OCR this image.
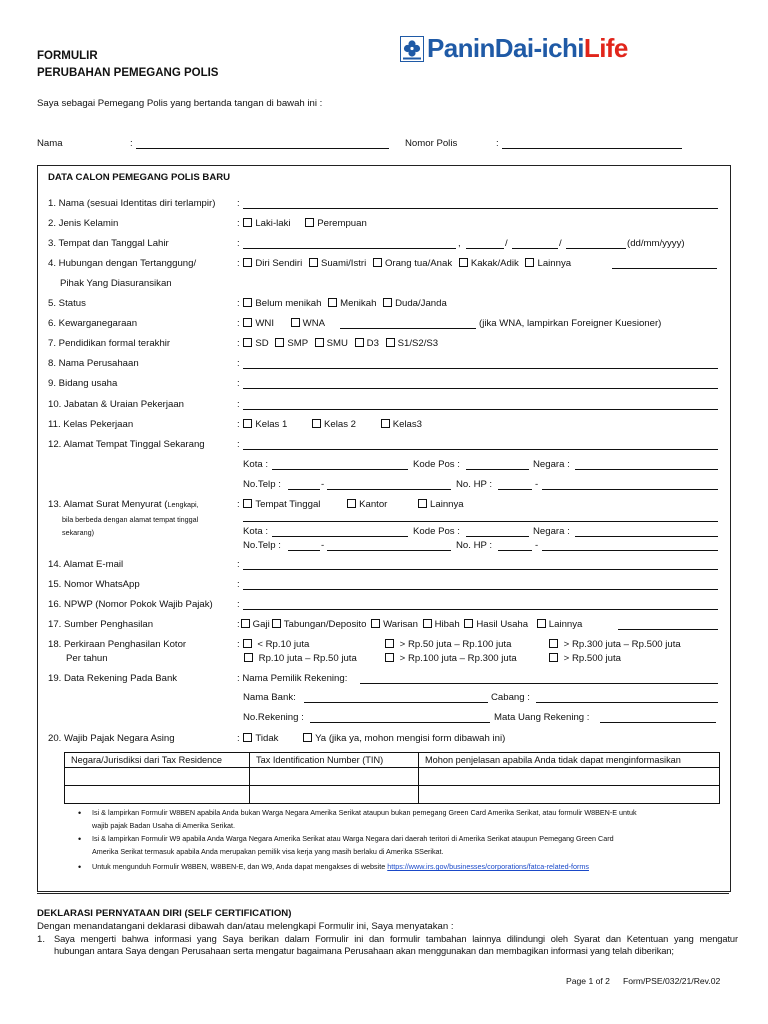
FORMULIR
PERUBAHAN PEMEGANG POLIS
PaninDai-ichiLife
Saya sebagai Pemegang Polis yang bertanda tangan di bawah ini :
Nama	:	Nomor Polis	:
DATA CALON PEMEGANG POLIS BARU
1. Nama (sesuai Identitas diri terlampir) :
2. Jenis Kelamin	: Laki-laki	Perempuan
3. Tempat dan Tanggal Lahir	:	,	/	/	(dd/mm/yyyy)
4. Hubungan dengan Tertanggung/
Pihak Yang Diasuransikan
: Diri Sendiri Suami/Istri Orang tua/Anak Kakak/Adik Lainnya
5. Status	: Belum menikah Menikah Duda/Janda
6. Kewarganegaraan	: WNI	WNA	(jika WNA, lampirkan Foreigner Kuesioner)
7. Pendidikan formal terakhir	: SD SMP SMU D3 S1/S2/S3
8. Nama Perusahaan	:
9. Bidang usaha	:
10. Jabatan & Uraian Pekerjaan	:
11. Kelas Pekerjaan	: Kelas 1	Kelas 2	Kelas3
12. Alamat Tempat Tinggal Sekarang	:
Kota :	Kode Pos :	Negara :
No.Telp :	-	No. HP :	-
13. Alamat Surat Menyurat (Lengkapi,
bila berbeda dengan alamat tempat tinggal
sekarang)
: Tempat Tinggal	Kantor	Lainnya
Kota :	Kode Pos :	Negara :
No.Telp :	-	No. HP :	-
14. Alamat E-mail	:
15. Nomor WhatsApp	:
16. NPWP (Nomor Pokok Wajib Pajak)	:
17. Sumber Penghasilan	: Gaji Tabungan/Deposito Warisan Hibah Hasil Usaha Lainnya
18. Perkiraan Penghasilan Kotor
Per tahun
: < Rp.10 juta	> Rp.50 juta – Rp.100 juta	> Rp.300 juta – Rp.500 juta
Rp.10 juta – Rp.50 juta	> Rp.100 juta – Rp.300 juta	> Rp.500 juta
19. Data Rekening Pada Bank	: Nama Pemilik Rekening:
Nama Bank:	Cabang :
No.Rekening :	Mata Uang Rekening :
20. Wajib Pajak Negara Asing	: Tidak	Ya (jika ya, mohon mengisi form dibawah ini)
Negara/Jurisdiksi dari Tax Residence	Tax Identification Number (TIN)	Mohon penjelasan apabila Anda tidak dapat menginformasikan

• Isi & lampirkan Formulir W8BEN apabila Anda bukan Warga Negara Amerika Serikat ataupun bukan pemegang Green Card Amerika Serikat, atau formulir W8BEN-E untuk
wajib pajak Badan Usaha di Amerika Serikat.
• Isi & lampirkan Formulir W9 apabila Anda Warga Negara Amerika Serikat atau Warga Negara dari daerah teritori di Amerika Serikat ataupun Pemegang Green Card
Amerika Serikat termasuk apabila Anda merupakan pemilik visa kerja yang masih berlaku di Amerika SSerikat.
• Untuk mengunduh Formulir W8BEN, W8BEN-E, dan W9, Anda dapat mengakses di website https://www.irs.gov/businesses/corporations/fatca-related-forms
DEKLARASI PERNYATAAN DIRI (SELF CERTIFICATION)
Dengan menandatangani deklarasi dibawah dan/atau melengkapi Formulir ini, Saya menyatakan :
1. Saya mengerti bahwa informasi yang Saya berikan dalam Formulir ini dan formulir tambahan lainnya dilindungi oleh Syarat dan Ketentuan yang mengatur
hubungan antara Saya dengan Perusahaan serta mengatur bagaimana Perusahaan akan menggunakan dan membagikan informasi yang telah diberikan;
Page 1 of 2 Form/PSE/032/21/Rev.02
